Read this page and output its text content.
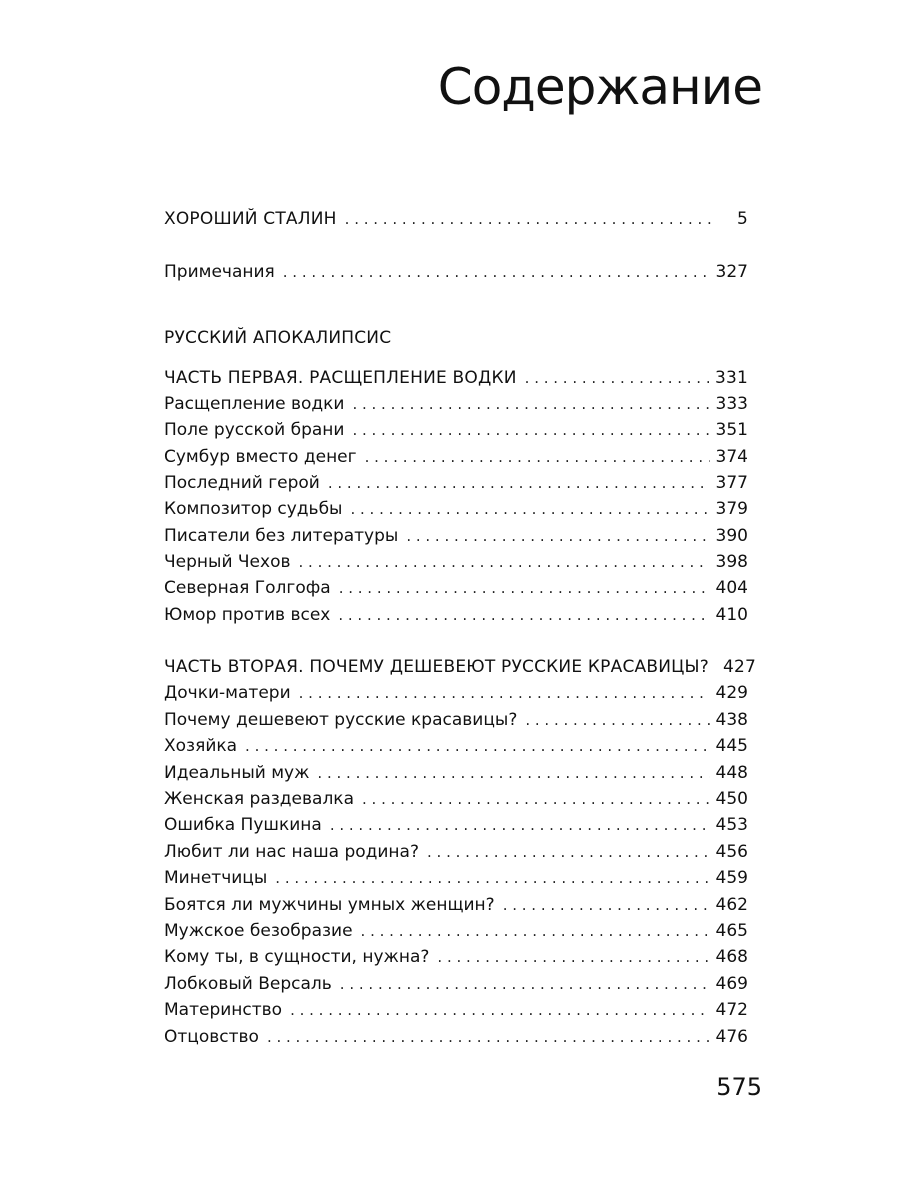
Содержание
ХОРОШИЙ СТАЛИН . . .	5
Примечания . . .	327
РУССКИЙ АПОКАЛИПСИС
ЧАСТЬ ПЕРВАЯ. РАСЩЕПЛЕНИЕ ВОДКИ . . .	331
Расщепление водки . . .	333
Поле русской брани . . .	351
Сумбур вместо денег . . .	374
Последний герой . . .	377
Композитор судьбы . . .	379
Писатели без литературы . . .	390
Черный Чехов . . .	398
Северная Голгофа . . .	404
Юмор против всех . . .	410
ЧАСТЬ ВТОРАЯ. ПОЧЕМУ ДЕШЕВЕЮТ РУССКИЕ КРАСАВИЦЫ? 427
Дочки-матери . . .	429
Почему дешевеют русские красавицы? . . .	438
Хозяйка . . .	445
Идеальный муж . . .	448
Женская раздевалка . . .	450
Ошибка Пушкина . . .	453
Любит ли нас наша родина? . . .	456
Минетчицы . . .	459
Боятся ли мужчины умных женщин? . . .	462
Мужское безобразие . . .	465
Кому ты, в сущности, нужна? . . .	468
Лобковый Версаль . . .	469
Материнство . . .	472
Отцовство . . .	476
575
